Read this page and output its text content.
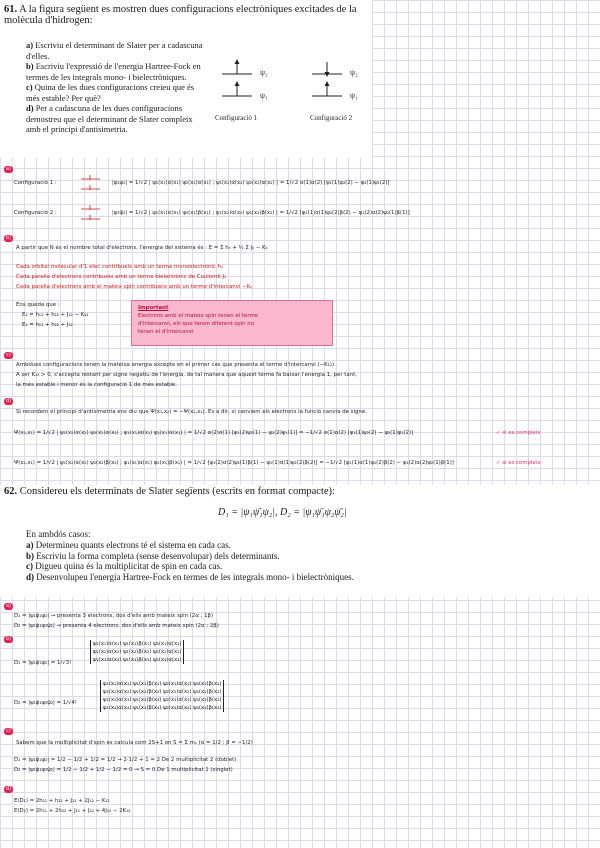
61. A la figura següent es mostren dues configuracions electròniques excitades de la molècula d'hidrogen:
a) Escriviu el determinant de Slater per a cadascuna d'elles.
b) Escriviu l'expressió de l'energia Hartree-Fock en termes de les integrals mono- i bielectròniques.
c) Quina de les dues configuracions creieu que és més estable? Per què?
d) Per a cadascuna de les dues configuracions demostreu que el determinant de Slater compleix amb el principi d'antisimetria.
ψ₂
ψ₁
ψ₂
ψ₁
Configuració 1	Configuració 2
a)
Configuració 1 :	|ψ₁ψ₂| = 1/√2 | ψ₁(x₁)α(x₁) ψ₂(x₁)α(x₁) ; ψ₁(x₂)α(x₂) ψ₂(x₂)α(x₂) | = 1/√2 α(1)α(2) [ψ₁(1)ψ₂(2) − ψ₂(1)ψ₁(2)]
Configuració 2 :	|ψ₁ψ̄₂| = 1/√2 | ψ₁(x₁)α(x₁) ψ₂(x₁)β(x₁) ; ψ₁(x₂)α(x₂) ψ₂(x₂)β(x₂) | = 1/√2 [ψ₁(1)α(1)ψ₂(2)β(2) − ψ₁(2)α(2)ψ₂(1)β(1)]
b)
A partir que N és el nombre total d'electrons, l'energia del sistema és : E = Σ hᵢᵢ + ½ Σ Jᵢⱼ − Kᵢⱼ
Cada orbital molecular d'1 elec contribueix amb un terme monoelectrònic hᵢᵢ
Cada parella d'electrons contribueix amb un terme bielectrònic de Coulomb Jᵢⱼ
Cada parella d'electrons amb el mateix spin contribueix amb un terme d'intercanvi −Kᵢⱼ
Ens queda que :
E₁ = h₁₁ + h₂₂ + J₁₂ − K₁₂
E₂ = h₁₁ + h₂₂ + J₁₂
Important
Electrons amb el mateix spin tenen el terme
d'intercanvi, els que tenen diferent spin no
tenen el d'intercanvi
c)
Ambdues configuracions tenen la mateixa energia excepte en el primer cas que presenta el terme d'intercanvi (−K₁₂).
A ser K₁₂ > 0, s'accepta restant per signe negatiu de l'energia, de tal manera que aquest terme fa baixar l'energia 1, per tant,
la més estable i menor és la configuració 1 de més estable.
d)
Si recordem el principi d'antisimetria ens diu que Ψ(x₁,x₂) = −Ψ(x₂,x₁). És a dir, si canviem els electrons la funció canvia de signe.
Ψ(x₂,x₁) = 1/√2 | ψ₁(x₂)α(x₂) ψ₂(x₂)α(x₂) ; ψ₁(x₁)α(x₁) ψ₂(x₁)α(x₁) | = 1/√2 α(2)α(1) [ψ₁(2)ψ₂(1) − ψ₂(2)ψ₁(1)] = −1/√2 α(1)α(2) [ψ₁(1)ψ₂(2) − ψ₂(1)ψ₁(2)]	✓ sí es compleix
Ψ(x₂,x₁) = 1/√2 | ψ₁(x₂)α(x₂) ψ₂(x₂)β(x₂) ; ψ₁(x₁)α(x₁) ψ₂(x₁)β(x₁) | = 1/√2 [ψ₁(2)α(2)ψ₂(1)β(1) − ψ₁(1)α(1)ψ₂(2)β(2)] = −1/√2 [ψ₁(1)α(1)ψ₂(2)β(2) − ψ₁(2)α(2)ψ₂(1)β(1)]	✓ sí es compleix
62. Considereu els determinats de Slater segïents (escrits en format compacte):
D₁ = |ψ₁ψ̄₁ψ₂|, D₂ = |ψ₁ψ̄₁ψ₂ψ̄₂|
En ambdós casos:
a) Determineu quants electrons té el sistema en cada cas.
b) Escriviu la forma completa (sense desenvolupar) dels determinants.
c) Digueu quina és la multiplicitat de spin en cada cas.
d) Desenvolupeu l'energia Hartree-Fock en termes de les integrals mono- i bielectròniques.
a)
D₁ = |ψ₁ψ̄₁ψ₂| → presenta 3 electrons, dos d'ells amb mateix spin (2α ; 1β)
D₂ = |ψ₁ψ̄₁ψ₂ψ̄₂| → presenta 4 electrons, dos d'ells amb mateix spin (2α ; 2β)
b)
D₁ = |ψ₁ψ̄₁ψ₂| = 1/√3!
ψ₁(x₁)α(x₁) ψ₁(x₁)β(x₁) ψ₂(x₁)α(x₁)
ψ₁(x₂)α(x₂) ψ₁(x₂)β(x₂) ψ₂(x₂)α(x₂)
ψ₁(x₃)α(x₃) ψ₁(x₃)β(x₃) ψ₂(x₃)α(x₃)
D₂ = |ψ₁ψ̄₁ψ₂ψ̄₂| = 1/√4!
ψ₁(x₁)α(x₁) ψ₁(x₁)β(x₁) ψ₂(x₁)α(x₁) ψ₂(x₁)β(x₁)
ψ₁(x₂)α(x₂) ψ₁(x₂)β(x₂) ψ₂(x₂)α(x₂) ψ₂(x₂)β(x₂)
ψ₁(x₃)α(x₃) ψ₁(x₃)β(x₃) ψ₂(x₃)α(x₃) ψ₂(x₃)β(x₃)
ψ₁(x₄)α(x₄) ψ₁(x₄)β(x₄) ψ₂(x₄)α(x₄) ψ₂(x₄)β(x₄)
c)
Sabem que la multiplicitat d'spin es calcula com 2S+1 on S = Σ mₛ (α = 1/2 ; β = −1/2)
D₁ = |ψ₁ψ̄₁ψ₂| = 1/2 − 1/2 + 1/2 = 1/2 → 2·1/2 + 1 = 2 De 2 multiplicitat 2 (doblet)
D₂ = |ψ₁ψ̄₁ψ₂ψ̄₂| = 1/2 − 1/2 + 1/2 − 1/2 = 0 → S = 0 De 1 multiplicitat 1 (singlet)
d)
E(D₁) = 2h₁₁ + h₂₂ + J₁₁ + 2J₁₂ − K₁₂
E(D₂) = 2h₁₁ + 2h₂₂ + J₁₁ + J₂₂ + 4J₁₂ − 2K₁₂
